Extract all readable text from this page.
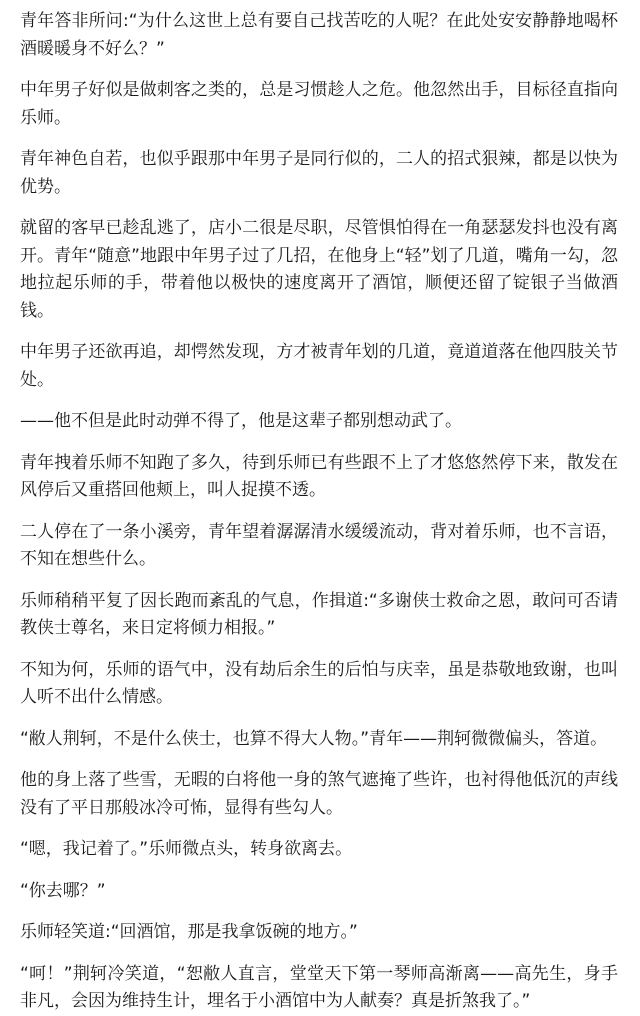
青年答非所问:“为什么这世上总有要自己找苦吃的人呢？在此处安安静静地喝杯酒暖暖身不好么？”

中年男子好似是做刺客之类的，总是习惯趁人之危。他忽然出手，目标径直指向乐师。

青年神色自若，也似乎跟那中年男子是同行似的，二人的招式狠辣，都是以快为优势。

就留的客早已趁乱逃了，店小二很是尽职，尽管惧怕得在一角瑟瑟发抖也没有离开。青年“随意”地跟中年男子过了几招，在他身上“轻”划了几道，嘴角一勾，忽地拉起乐师的手，带着他以极快的速度离开了酒馆，顺便还留了锭银子当做酒钱。

中年男子还欲再追，却愕然发现，方才被青年划的几道，竟道道落在他四肢关节处。

——他不但是此时动弹不得了，他是这辈子都别想动武了。

青年拽着乐师不知跑了多久，待到乐师已有些跟不上了才悠悠然停下来，散发在风停后又重搭回他颊上，叫人捉摸不透。

二人停在了一条小溪旁，青年望着潺潺清水缓缓流动，背对着乐师，也不言语，不知在想些什么。

乐师稍稍平复了因长跑而紊乱的气息，作揖道:“多谢侠士救命之恩，敢问可否请教侠士尊名，来日定将倾力相报。”

不知为何，乐师的语气中，没有劫后余生的后怕与庆幸，虽是恭敬地致谢，也叫人听不出什么情感。

“敝人荆轲，不是什么侠士，也算不得大人物。”青年——荆轲微微偏头，答道。

他的身上落了些雪，无暇的白将他一身的煞气遮掩了些许，也衬得他低沉的声线没有了平日那般冰冷可怖，显得有些勾人。

“嗯，我记着了。”乐师微点头，转身欲离去。

“你去哪？”

乐师轻笑道:“回酒馆，那是我拿饭碗的地方。”

“呵！”荆轲冷笑道，“恕敝人直言，堂堂天下第一琴师高渐离——高先生，身手非凡，会因为维持生计，埋名于小酒馆中为人献奏？真是折煞我了。”
